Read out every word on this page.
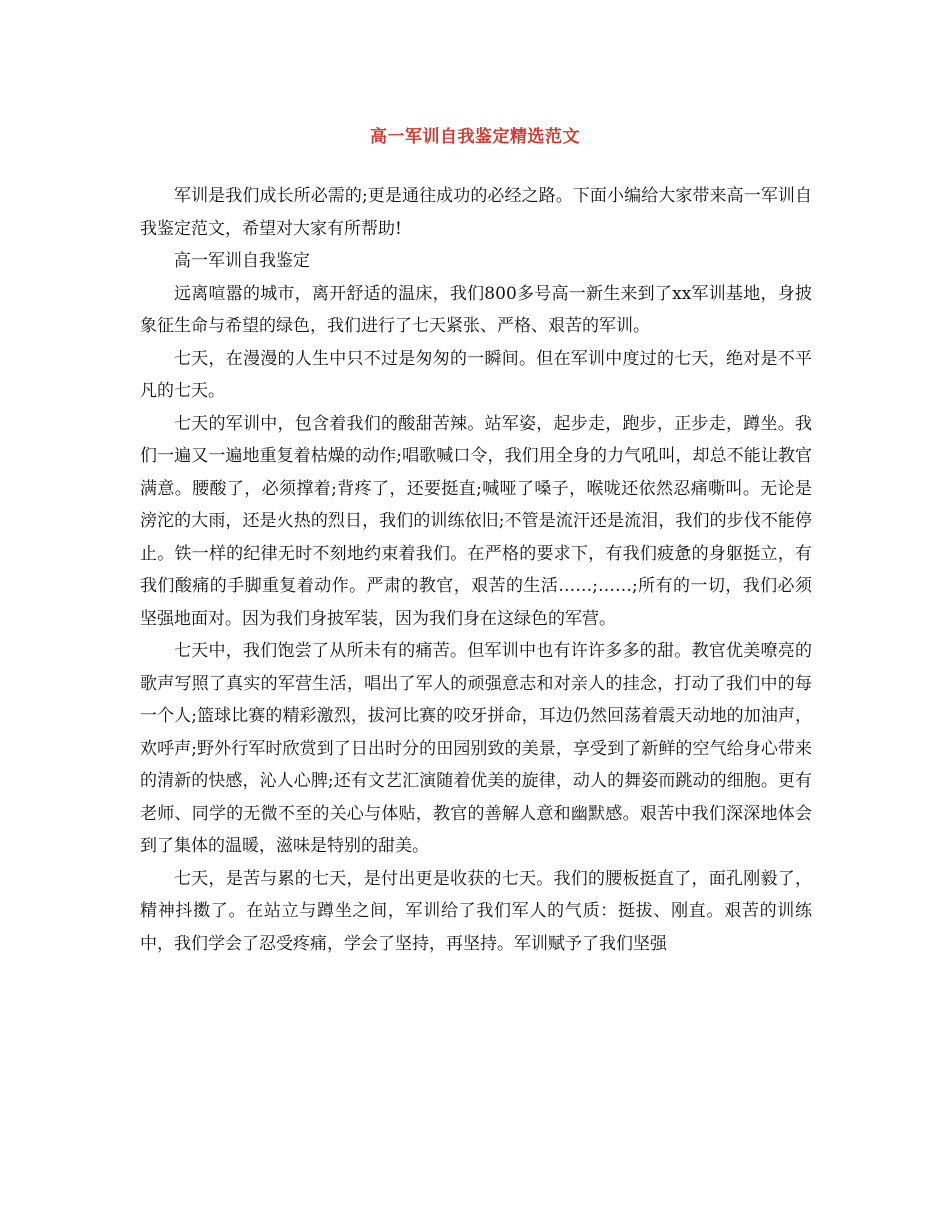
高一军训自我鉴定精选范文

军训是我们成长所必需的;更是通往成功的必经之路。下面小编给大家带来高一军训自我鉴定范文，希望对大家有所帮助!

高一军训自我鉴定

远离喧嚣的城市，离开舒适的温床，我们800多号高一新生来到了xx军训基地，身披象征生命与希望的绿色，我们进行了七天紧张、严格、艰苦的军训。

七天，在漫漫的人生中只不过是匆匆的一瞬间。但在军训中度过的七天，绝对是不平凡的七天。

七天的军训中，包含着我们的酸甜苦辣。站军姿，起步走，跑步，正步走，蹲坐。我们一遍又一遍地重复着枯燥的动作;唱歌喊口令，我们用全身的力气吼叫，却总不能让教官满意。腰酸了，必须撑着;背疼了，还要挺直;喊哑了嗓子，喉咙还依然忍痛嘶叫。无论是滂沱的大雨，还是火热的烈日，我们的训练依旧;不管是流汗还是流泪，我们的步伐不能停止。铁一样的纪律无时不刻地约束着我们。在严格的要求下，有我们疲惫的身躯挺立，有我们酸痛的手脚重复着动作。严肃的教官，艰苦的生活……;……;所有的一切，我们必须坚强地面对。因为我们身披军装，因为我们身在这绿色的军营。

七天中，我们饱尝了从所未有的痛苦。但军训中也有许许多多的甜。教官优美嘹亮的歌声写照了真实的军营生活，唱出了军人的顽强意志和对亲人的挂念，打动了我们中的每一个人;篮球比赛的精彩激烈，拔河比赛的咬牙拼命，耳边仍然回荡着震天动地的加油声，欢呼声;野外行军时欣赏到了日出时分的田园别致的美景，享受到了新鲜的空气给身心带来的清新的快感，沁人心脾;还有文艺汇演随着优美的旋律，动人的舞姿而跳动的细胞。更有老师、同学的无微不至的关心与体贴，教官的善解人意和幽默感。艰苦中我们深深地体会到了集体的温暖，滋味是特别的甜美。

七天，是苦与累的七天，是付出更是收获的七天。我们的腰板挺直了，面孔刚毅了，精神抖擞了。在站立与蹲坐之间，军训给了我们军人的气质：挺拔、刚直。艰苦的训练中，我们学会了忍受疼痛，学会了坚持，再坚持。军训赋予了我们坚强
